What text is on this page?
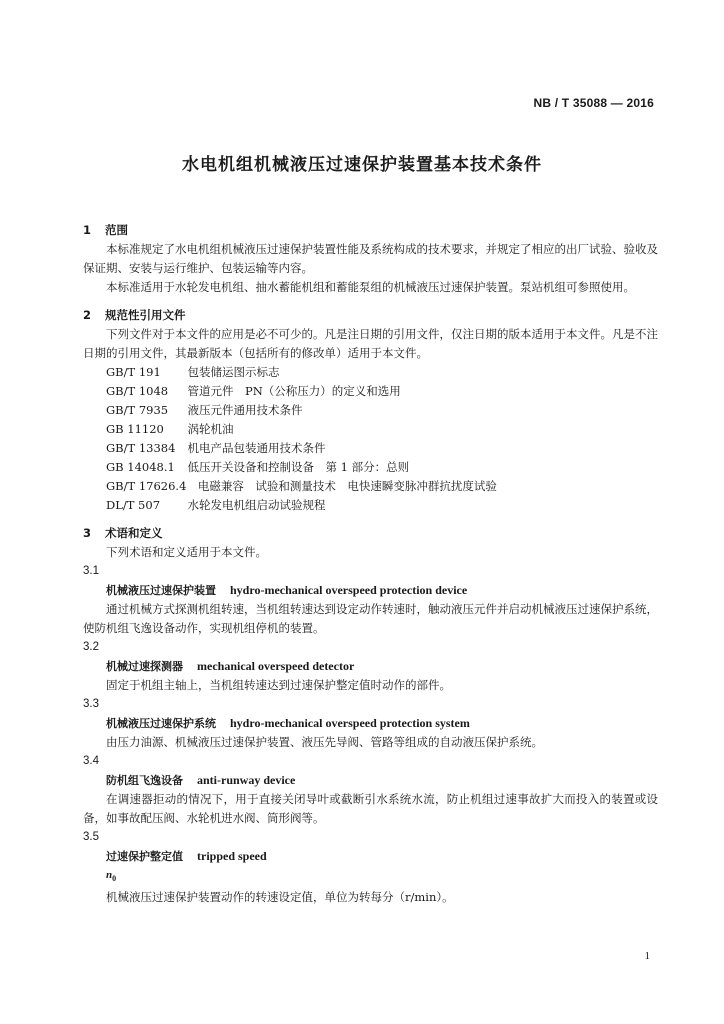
NB / T 35088 — 2016
水电机组机械液压过速保护装置基本技术条件
1 范围
本标准规定了水电机组机械液压过速保护装置性能及系统构成的技术要求，并规定了相应的出厂试验、验收及保证期、安装与运行维护、包装运输等内容。
本标准适用于水轮发电机组、抽水蓄能机组和蓄能泵组的机械液压过速保护装置。泵站机组可参照使用。
2 规范性引用文件
下列文件对于本文件的应用是必不可少的。凡是注日期的引用文件，仅注日期的版本适用于本文件。凡是不注日期的引用文件，其最新版本（包括所有的修改单）适用于本文件。
GB/T 191　 包装储运图示标志
GB/T 1048　 管道元件　PN（公称压力）的定义和选用
GB/T 7935　 液压元件通用技术条件
GB 11120　 涡轮机油
GB/T 13384　 机电产品包装通用技术条件
GB 14048.1　 低压开关设备和控制设备　第 1 部分：总则
GB/T 17626.4　 电磁兼容　试验和测量技术　电快速瞬变脉冲群抗扰度试验
DL/T 507　 水轮发电机组启动试验规程
3 术语和定义
下列术语和定义适用于本文件。
3.1
机械液压过速保护装置 hydro-mechanical overspeed protection device
通过机械方式探测机组转速，当机组转速达到设定动作转速时，触动液压元件并启动机械液压过速保护系统，使防机组飞逸设备动作，实现机组停机的装置。
3.2
机械过速探测器 mechanical overspeed detector
固定于机组主轴上，当机组转速达到过速保护整定值时动作的部件。
3.3
机械液压过速保护系统 hydro-mechanical overspeed protection system
由压力油源、机械液压过速保护装置、液压先导阀、管路等组成的自动液压保护系统。
3.4
防机组飞逸设备 anti-runway device
在调速器拒动的情况下，用于直接关闭导叶或截断引水系统水流，防止机组过速事故扩大而投入的装置或设备，如事故配压阀、水轮机进水阀、筒形阀等。
3.5
过速保护整定值 tripped speed
$n_0$
机械液压过速保护装置动作的转速设定值，单位为转每分（r/min）。
1
